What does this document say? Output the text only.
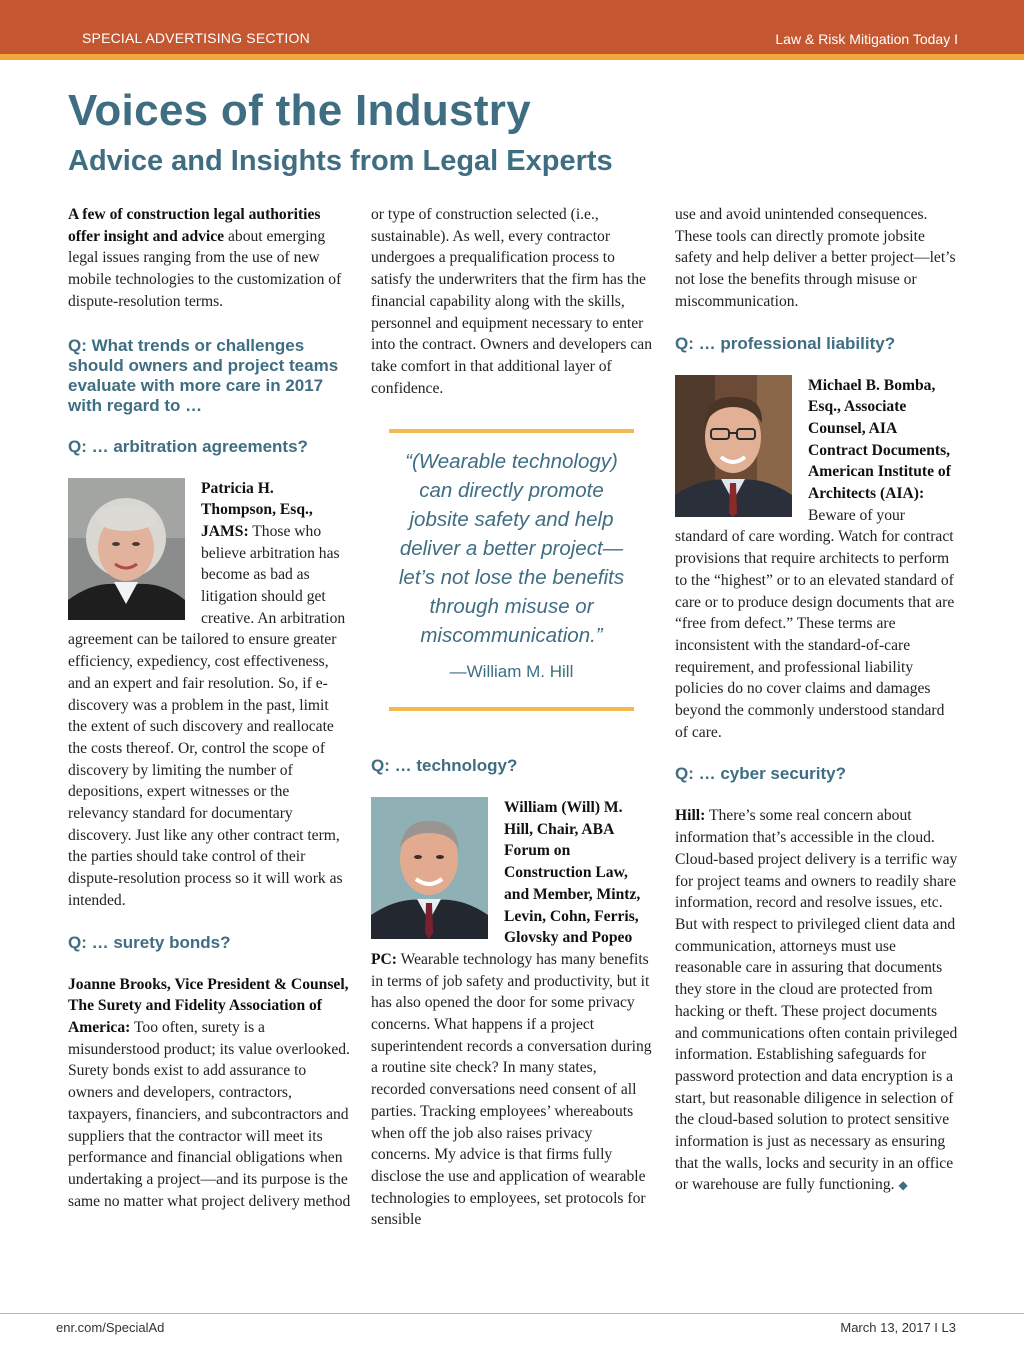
SPECIAL ADVERTISING SECTION	Law & Risk Mitigation Today I
Voices of the Industry
Advice and Insights from Legal Experts

A few of construction legal authorities offer insight and advice about emerging legal issues ranging from the use of new mobile technologies to the customization of dispute-resolution terms.

Q: What trends or challenges should owners and project teams evaluate with more care in 2017 with regard to …
Q: … arbitration agreements?

Patricia H. Thompson, Esq., JAMS: Those who believe arbitration has become as bad as litigation should get creative. An arbitration agreement can be tailored to ensure greater efficiency, expediency, cost effectiveness, and an expert and fair resolution. So, if e-discovery was a problem in the past, limit the extent of such discovery and reallocate the costs thereof. Or, control the scope of discovery by limiting the number of depositions, expert witnesses or the relevancy standard for documentary discovery. Just like any other contract term, the parties should take control of their dispute-resolution process so it will work as intended.

Q: … surety bonds?

Joanne Brooks, Vice President & Counsel, The Surety and Fidelity Association of America: Too often, surety is a misunderstood product; its value overlooked. Surety bonds exist to add assurance to owners and developers, contractors, taxpayers, financiers, and subcontractors and suppliers that the contractor will meet its performance and financial obligations when undertaking a project—and its purpose is the same no matter what project delivery method

or type of construction selected (i.e., sustainable). As well, every contractor undergoes a prequalification process to satisfy the underwriters that the firm has the financial capability along with the skills, personnel and equipment necessary to enter into the contract. Owners and developers can take comfort in that additional layer of confidence.

“(Wearable technology) can directly promote jobsite safety and help deliver a better project—let’s not lose the benefits through misuse or miscommunication.”
—William M. Hill
Q: … technology?

William (Will) M. Hill, Chair, ABA Forum on Construction Law, and Member, Mintz, Levin, Cohn, Ferris, Glovsky and Popeo PC: Wearable technology has many benefits in terms of job safety and productivity, but it has also opened the door for some privacy concerns. What happens if a project superintendent records a conversation during a routine site check? In many states, recorded conversations need consent of all parties. Tracking employees’ whereabouts when off the job also raises privacy concerns. My advice is that firms fully disclose the use and application of wearable technologies to employees, set protocols for sensible

use and avoid unintended consequences. These tools can directly promote jobsite safety and help deliver a better project—let’s not lose the benefits through misuse or miscommunication.

Q: … professional liability?

Michael B. Bomba, Esq., Associate Counsel, AIA Contract Documents, American Institute of Architects (AIA): Beware of your standard of care wording. Watch for contract provisions that require architects to perform to the “highest” or to an elevated standard of care or to produce design documents that are “free from defect.” These terms are inconsistent with the standard-of-care requirement, and professional liability policies do no cover claims and damages beyond the commonly understood standard of care.

Q: … cyber security?

Hill: There’s some real concern about information that’s accessible in the cloud. Cloud-based project delivery is a terrific way for project teams and owners to readily share information, record and resolve issues, etc. But with respect to privileged client data and communication, attorneys must use reasonable care in assuring that documents they store in the cloud are protected from hacking or theft. These project documents and communications often contain privileged information. Establishing safeguards for password protection and data encryption is a start, but reasonable diligence in selection of the cloud-based solution to protect sensitive information is just as necessary as ensuring that the walls, locks and security in an office or warehouse are fully functioning. ◆

enr.com/SpecialAd	March 13, 2017 I L3
